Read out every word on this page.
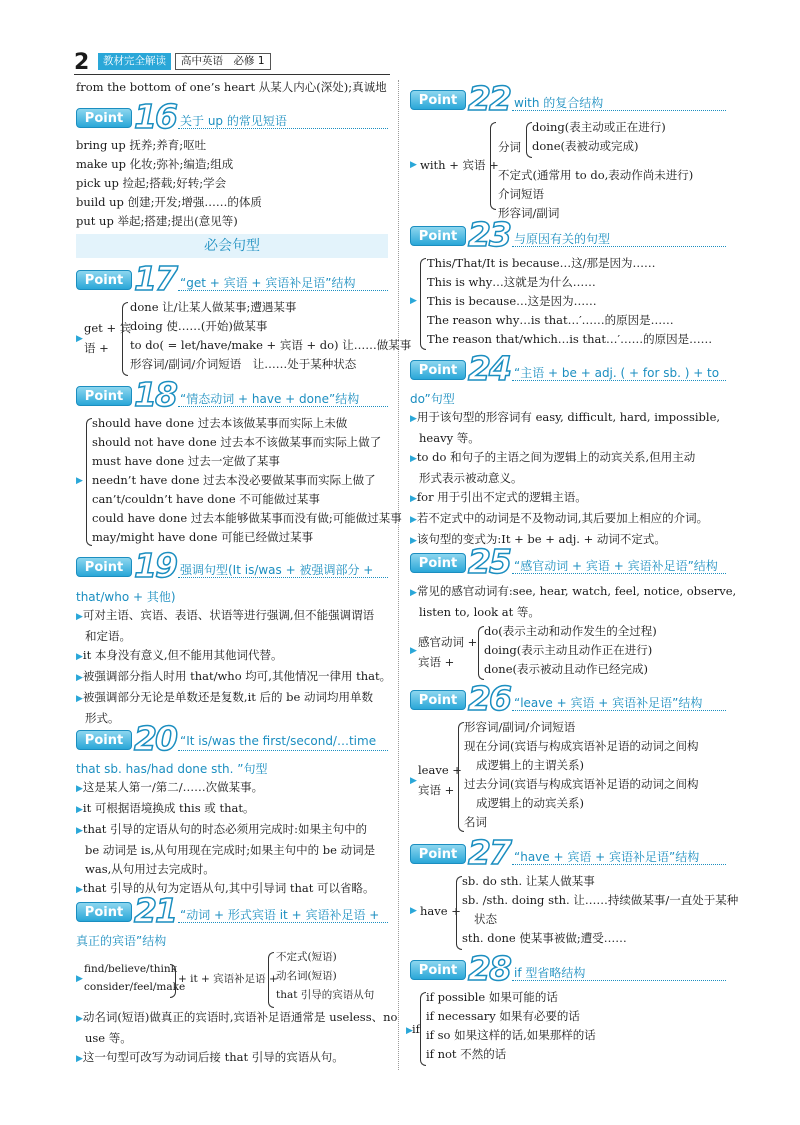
2	教材完全解读	高中英语　必修 1
from the bottom of one’s heart 从某人内心(深处);真诚地
Point 16 关于 up 的常见短语
bring up 抚养;养育;呕吐
make up 化妆;弥补;编造;组成
pick up 捡起;搭载;好转;学会
build up 创建;开发;增强……的体质
put up 举起;搭建;提出(意见等)
必会句型
Point 17 “get + 宾语 + 宾语补足语”结构
▶
get + 宾
语 +
done 让/让某人做某事;遭遇某事
doing 使……(开始)做某事
to do( = let/have/make + 宾语 + do) 让……做某事
形容词/副词/介词短语　让……处于某种状态
Point 18 “情态动词 + have + done”结构
▶
should have done 过去本该做某事而实际上未做
should not have done 过去本不该做某事而实际上做了
must have done 过去一定做了某事
needn’t have done 过去本没必要做某事而实际上做了
can’t/couldn’t have done 不可能做过某事
could have done 过去本能够做某事而没有做;可能做过某事
may/might have done 可能已经做过某事
Point 19 强调句型(It is/was + 被强调部分 +
that/who + 其他)
▶可对主语、宾语、表语、状语等进行强调,但不能强调谓语
和定语。
▶it 本身没有意义,但不能用其他词代替。
▶被强调部分指人时用 that/who 均可,其他情况一律用 that。
▶被强调部分无论是单数还是复数,it 后的 be 动词均用单数
形式。
Point 20 “It is/was the first/second/…time
that sb. has/had done sth. ”句型
▶这是某人第一/第二/……次做某事。
▶it 可根据语境换成 this 或 that。
▶that 引导的定语从句的时态必须用完成时:如果主句中的
be 动词是 is,从句用现在完成时;如果主句中的 be 动词是
was,从句用过去完成时。
▶that 引导的从句为定语从句,其中引导词 that 可以省略。
Point 21 “动词 + 形式宾语 it + 宾语补足语 +
真正的宾语”结构
▶
find/believe/think
consider/feel/make
+ it + 宾语补足语 +
不定式(短语)
动名词(短语)
that 引导的宾语从句
▶动名词(短语)做真正的宾语时,宾语补足语通常是 useless、no
use 等。
▶这一句型可改写为动词后接 that 引导的宾语从句。
Point 22 with 的复合结构
▶ with + 宾语 +
分词
不定式(通常用 to do,表动作尚未进行)
介词短语
形容词/副词
doing(表主动或正在进行)
done(表被动或完成)
Point 23 与原因有关的句型
▶
This/That/It is because…这/那是因为……
This is why…这就是为什么……
This is because…这是因为……
The reason why…is that…′……的原因是……
The reason that/which…is that…′……的原因是……
Point 24 “主语 + be + adj. ( + for sb. ) + to
do”句型
▶用于该句型的形容词有 easy, difficult, hard, impossible,
heavy 等。
▶to do 和句子的主语之间为逻辑上的动宾关系,但用主动
形式表示被动意义。
▶for 用于引出不定式的逻辑主语。
▶若不定式中的动词是不及物动词,其后要加上相应的介词。
▶该句型的变式为:It + be + adj. + 动词不定式。
Point 25 “感官动词 + 宾语 + 宾语补足语”结构
▶常见的感官动词有:see, hear, watch, feel, notice, observe,
listen to, look at 等。
▶
感官动词 +
宾语 +
do(表示主动和动作发生的全过程)
doing(表示主动且动作正在进行)
done(表示被动且动作已经完成)
Point 26 “leave + 宾语 + 宾语补足语”结构
▶
leave +
宾语 +
形容词/副词/介词短语
现在分词(宾语与构成宾语补足语的动词之间构
成逻辑上的主谓关系)
过去分词(宾语与构成宾语补足语的动词之间构
成逻辑上的动宾关系)
名词
Point 27 “have + 宾语 + 宾语补足语”结构
▶ have +
sb. do sth. 让某人做某事
sb. /sth. doing sth. 让……持续做某事/一直处于某种
状态
sth. done 使某事被做;遭受……
Point 28 if 型省略结构
▶ if
if possible 如果可能的话
if necessary 如果有必要的话
if so 如果这样的话,如果那样的话
if not 不然的话
